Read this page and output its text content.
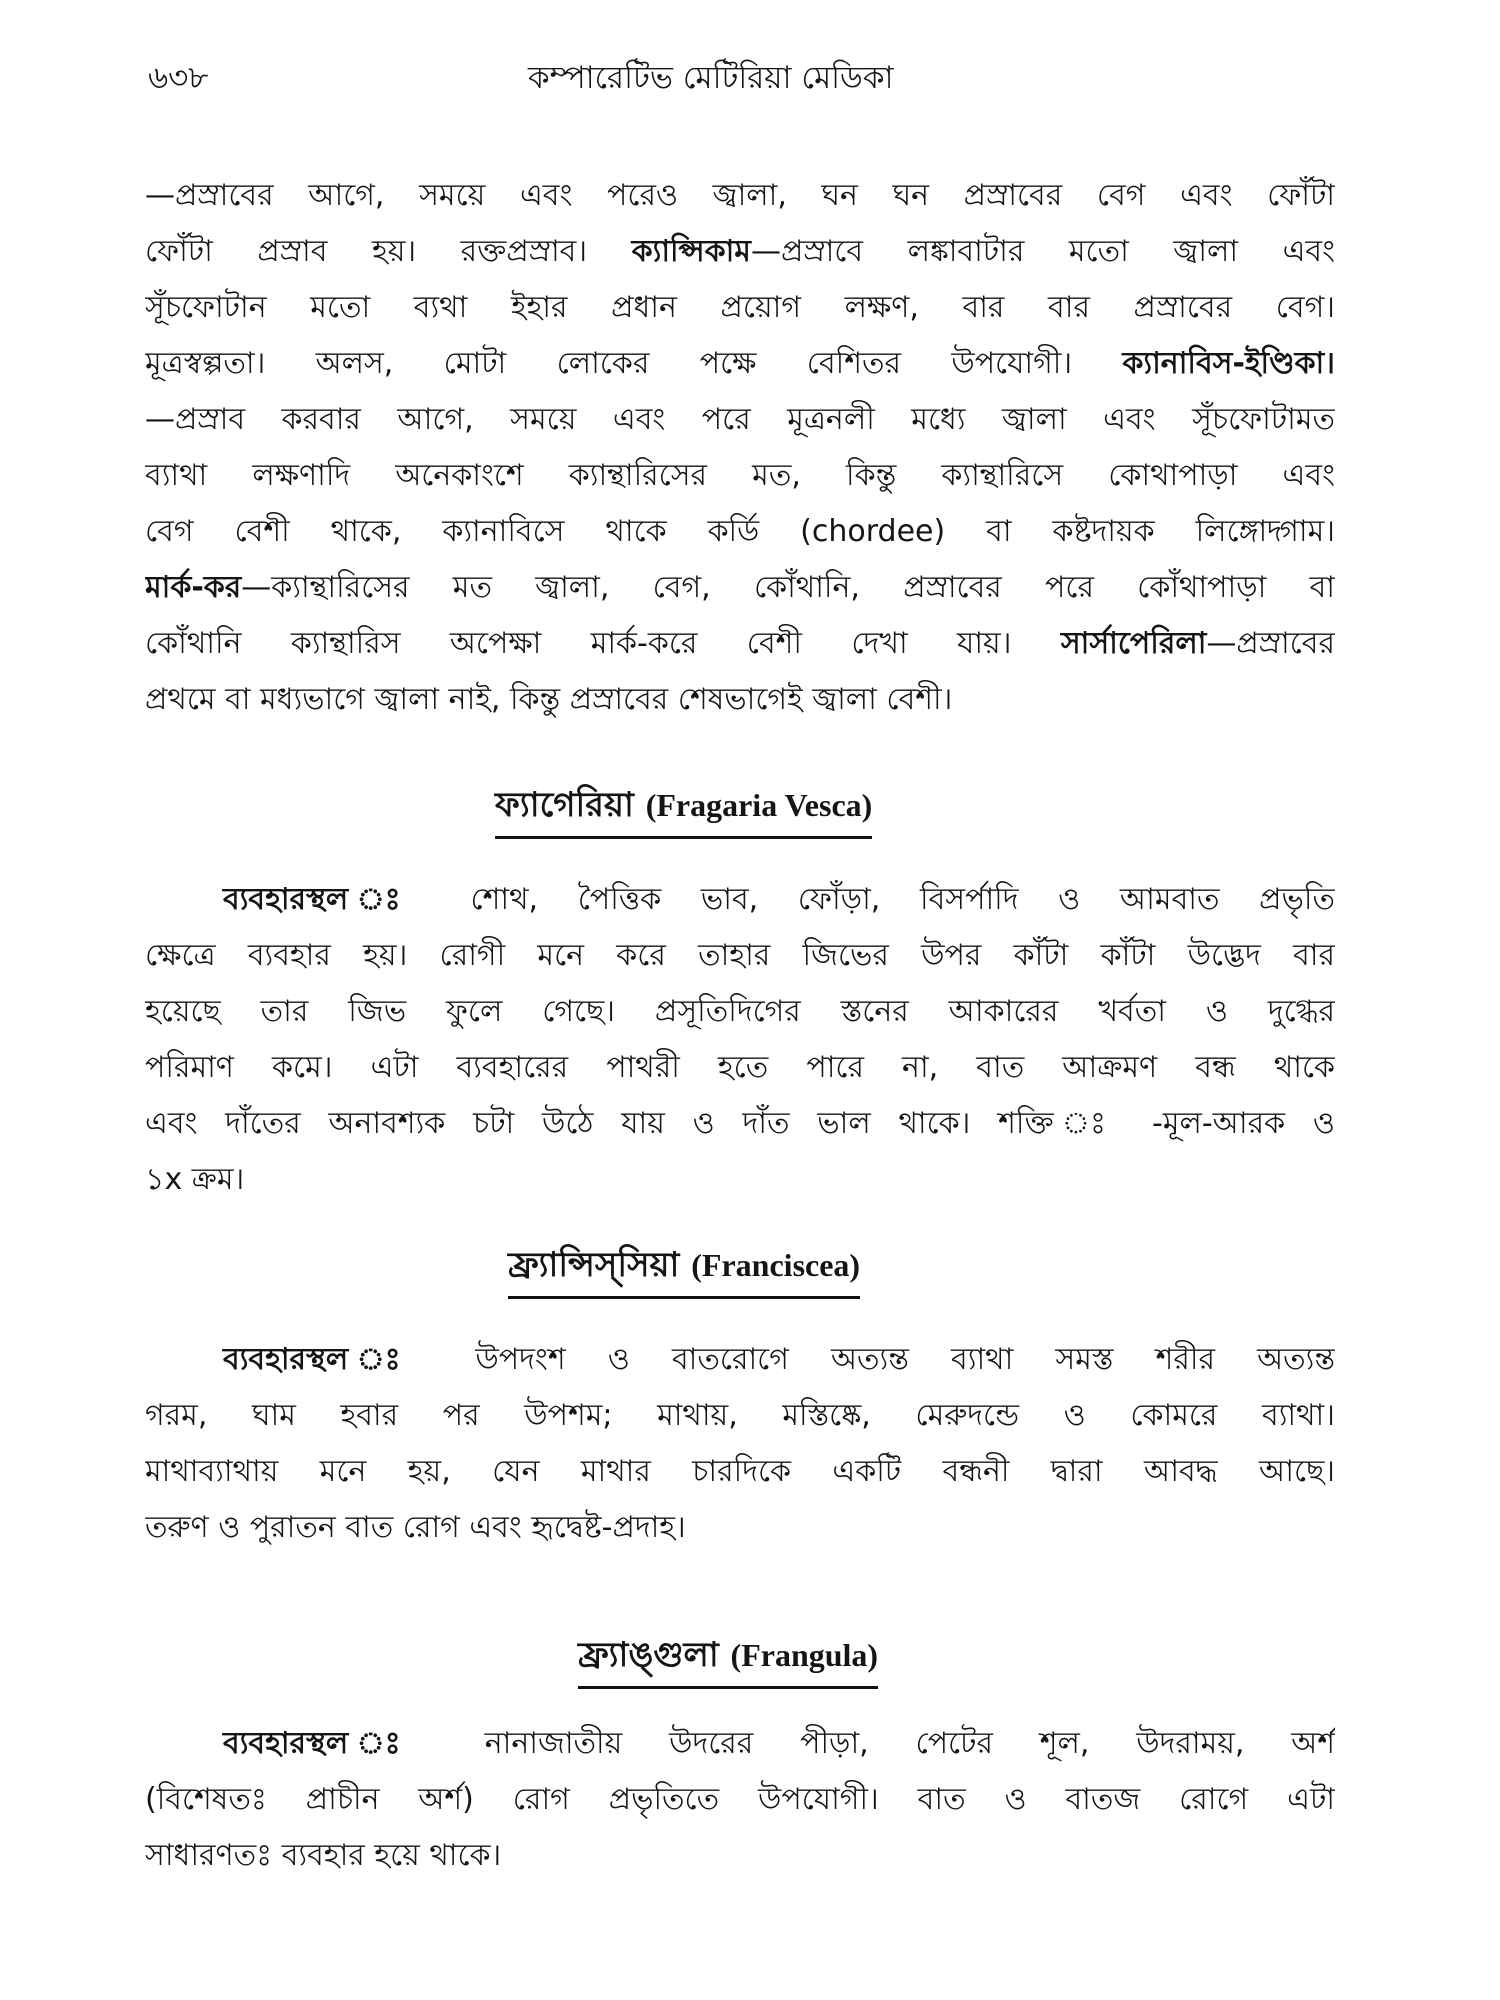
৬৩৮	কম্পারেটিভ মেটিরিয়া মেডিকা
—প্রস্রাবের আগে, সময়ে এবং পরেও জ্বালা, ঘন ঘন প্রস্রাবের বেগ এবং ফোঁটা
ফোঁটা প্রস্রাব হয়। রক্তপ্রস্রাব। ক্যাপ্সিকাম—প্রস্রাবে লঙ্কাবাটার মতো জ্বালা এবং
সূঁচফোটান মতো ব্যথা ইহার প্রধান প্রয়োগ লক্ষণ, বার বার প্রস্রাবের বেগ।
মূত্রস্বল্পতা। অলস, মোটা লোকের পক্ষে বেশিতর উপযোগী। ক্যানাবিস-ইণ্ডিকা।
—প্রস্রাব করবার আগে, সময়ে এবং পরে মূত্রনলী মধ্যে জ্বালা এবং সূঁচফোটামত
ব্যাথা লক্ষণাদি অনেকাংশে ক্যান্থারিসের মত, কিন্তু ক্যান্থারিসে কোথাপাড়া এবং
বেগ বেশী থাকে, ক্যানাবিসে থাকে কর্ডি (chordee) বা কষ্টদায়ক লিঙ্গোদ্গাম।
মার্ক-কর—ক্যান্থারিসের মত জ্বালা, বেগ, কোঁথানি, প্রস্রাবের পরে কোঁথাপাড়া বা
কোঁথানি ক্যান্থারিস অপেক্ষা মার্ক-করে বেশী দেখা যায়। সার্সাপেরিলা—প্রস্রাবের
প্রথমে বা মধ্যভাগে জ্বালা নাই, কিন্তু প্রস্রাবের শেষভাগেই জ্বালা বেশী।
ফ্যাগেরিয়া (Fragaria Vesca)
ব্যবহারস্থল ঃ শোথ, পৈত্তিক ভাব, ফোঁড়া, বিসর্পাদি ও আমবাত প্রভৃতি
ক্ষেত্রে ব্যবহার হয়। রোগী মনে করে তাহার জিভের উপর কাঁটা কাঁটা উদ্ভেদ বার
হয়েছে তার জিভ ফুলে গেছে। প্রসূতিদিগের স্তনের আকারের খর্বতা ও দুগ্ধের
পরিমাণ কমে। এটা ব্যবহারের পাথরী হতে পারে না, বাত আক্রমণ বন্ধ থাকে
এবং দাঁতের অনাবশ্যক চটা উঠে যায় ও দাঁত ভাল থাকে। শক্তি ঃ -মূল-আরক ও
১x ক্রম।
ফ্র্যান্সিস্‌সিয়া (Franciscea)
ব্যবহারস্থল ঃ উপদংশ ও বাতরোগে অত্যন্ত ব্যাথা সমস্ত শরীর অত্যন্ত
গরম, ঘাম হবার পর উপশম; মাথায়, মস্তিষ্কে, মেরুদন্ডে ও কোমরে ব্যাথা।
মাথাব্যাথায় মনে হয়, যেন মাথার চারদিকে একটি বন্ধনী দ্বারা আবদ্ধ আছে।
তরুণ ও পুরাতন বাত রোগ এবং হৃদ্বেষ্ট-প্রদাহ।
ফ্র্যাঙ্গুলা (Frangula)
ব্যবহারস্থল ঃ নানাজাতীয় উদরের পীড়া, পেটের শূল, উদরাময়, অর্শ
(বিশেষতঃ প্রাচীন অর্শ) রোগ প্রভৃতিতে উপযোগী। বাত ও বাতজ রোগে এটা
সাধারণতঃ ব্যবহার হয়ে থাকে।
